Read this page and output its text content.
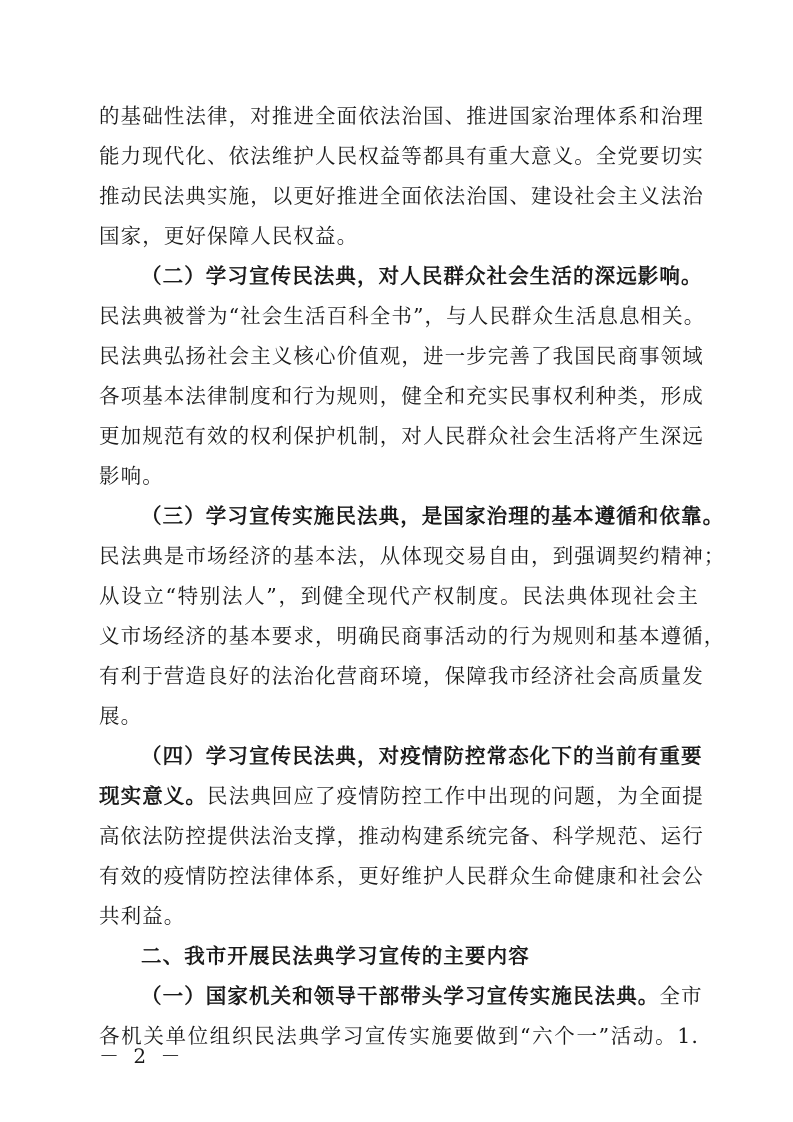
的基础性法律，对推进全面依法治国、推进国家治理体系和治理
能力现代化、依法维护人民权益等都具有重大意义。全党要切实
推动民法典实施，以更好推进全面依法治国、建设社会主义法治
国家，更好保障人民权益。
（二）学习宣传民法典，对人民群众社会生活的深远影响。
民法典被誉为“社会生活百科全书”，与人民群众生活息息相关。
民法典弘扬社会主义核心价值观，进一步完善了我国民商事领域
各项基本法律制度和行为规则，健全和充实民事权利种类，形成
更加规范有效的权利保护机制，对人民群众社会生活将产生深远
影响。
（三）学习宣传实施民法典，是国家治理的基本遵循和依靠。
民法典是市场经济的基本法，从体现交易自由，到强调契约精神；
从设立“特别法人”，到健全现代产权制度。民法典体现社会主
义市场经济的基本要求，明确民商事活动的行为规则和基本遵循，
有利于营造良好的法治化营商环境，保障我市经济社会高质量发
展。
（四）学习宣传民法典，对疫情防控常态化下的当前有重要
现实意义。民法典回应了疫情防控工作中出现的问题，为全面提
高依法防控提供法治支撑，推动构建系统完备、科学规范、运行
有效的疫情防控法律体系，更好维护人民群众生命健康和社会公
共利益。
二、我市开展民法典学习宣传的主要内容
（一）国家机关和领导干部带头学习宣传实施民法典。全市
各机关单位组织民法典学习宣传实施要做到“六个一”活动。1.
－ 2 －
